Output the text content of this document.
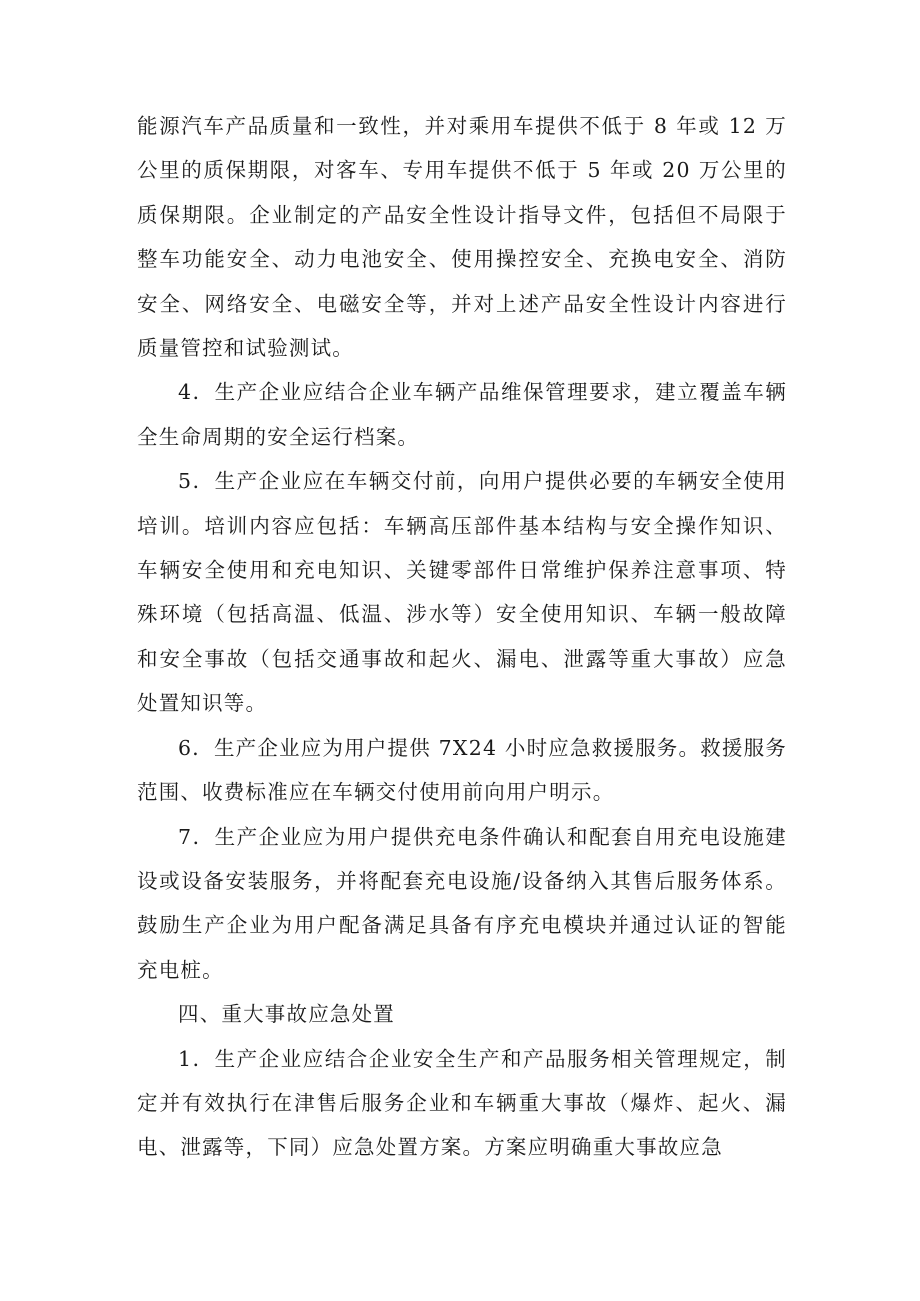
能源汽车产品质量和一致性，并对乘用车提供不低于 8 年或 12 万公里的质保期限，对客车、专用车提供不低于 5 年或 20 万公里的质保期限。企业制定的产品安全性设计指导文件，包括但不局限于整车功能安全、动力电池安全、使用操控安全、充换电安全、消防安全、网络安全、电磁安全等，并对上述产品安全性设计内容进行质量管控和试验测试。

4．生产企业应结合企业车辆产品维保管理要求，建立覆盖车辆全生命周期的安全运行档案。

5．生产企业应在车辆交付前，向用户提供必要的车辆安全使用培训。培训内容应包括：车辆高压部件基本结构与安全操作知识、车辆安全使用和充电知识、关键零部件日常维护保养注意事项、特殊环境（包括高温、低温、涉水等）安全使用知识、车辆一般故障和安全事故（包括交通事故和起火、漏电、泄露等重大事故）应急处置知识等。

6．生产企业应为用户提供 7X24 小时应急救援服务。救援服务范围、收费标准应在车辆交付使用前向用户明示。

7．生产企业应为用户提供充电条件确认和配套自用充电设施建设或设备安装服务，并将配套充电设施/设备纳入其售后服务体系。鼓励生产企业为用户配备满足具备有序充电模块并通过认证的智能充电桩。

四、重大事故应急处置

1．生产企业应结合企业安全生产和产品服务相关管理规定，制定并有效执行在津售后服务企业和车辆重大事故（爆炸、起火、漏电、泄露等，下同）应急处置方案。方案应明确重大事故应急
